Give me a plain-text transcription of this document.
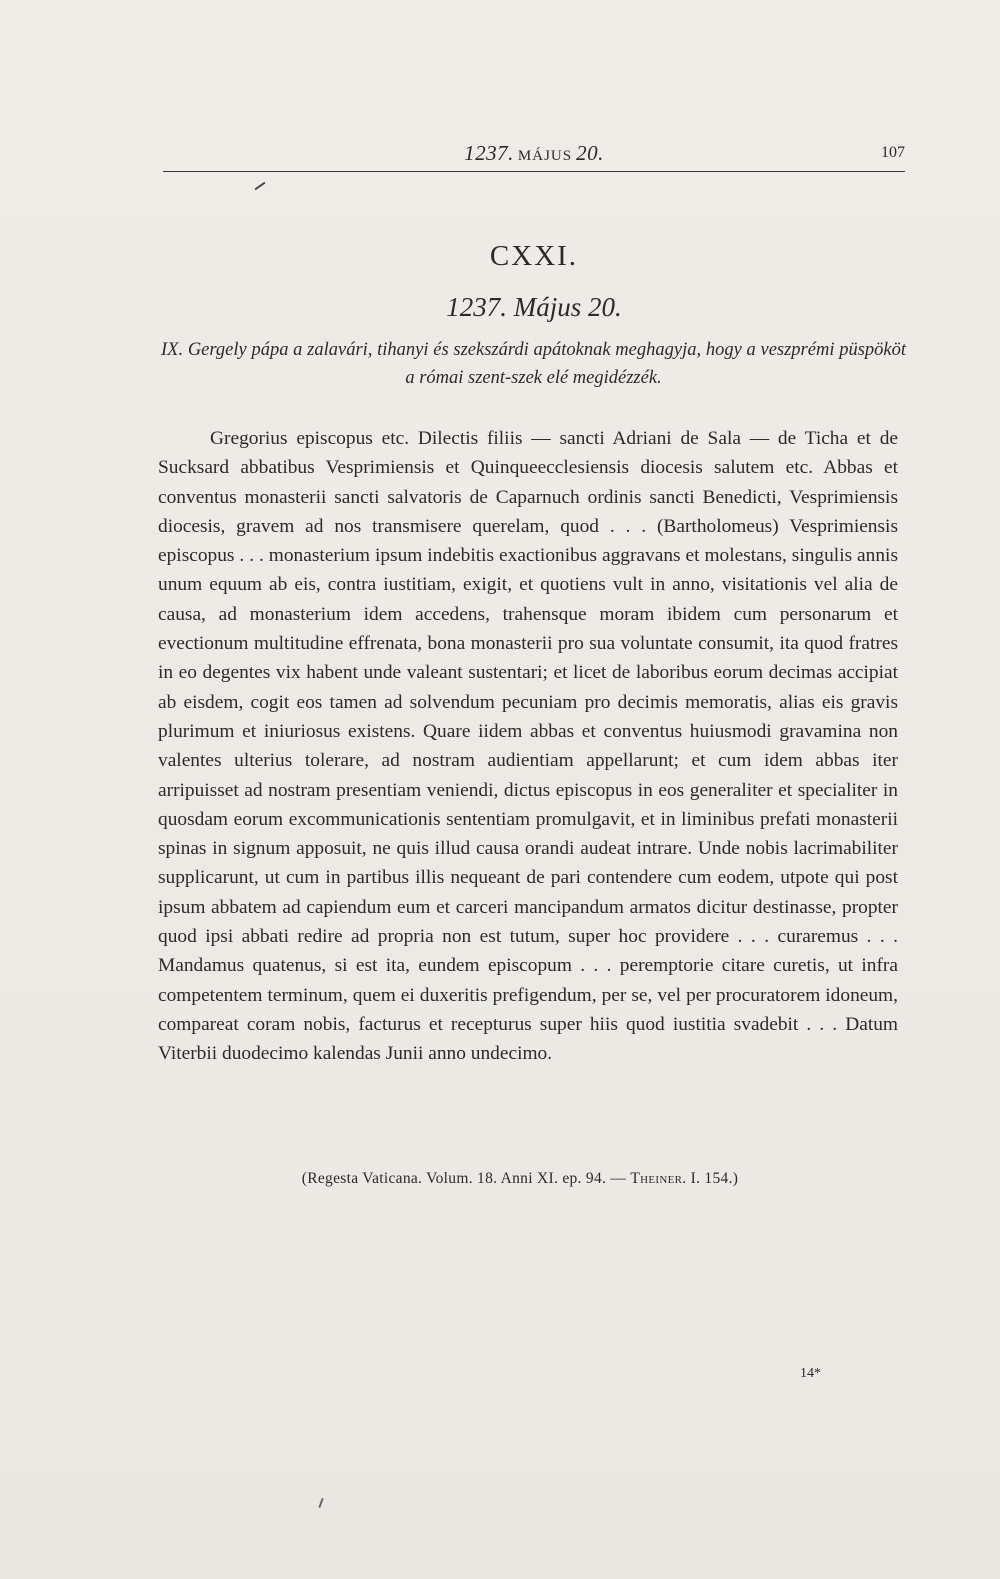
1237. MÁJUS 20.	107
CXXI.
1237. Május 20.
IX. Gergely pápa a zalavári, tihanyi és szekszárdi apátoknak meghagyja, hogy a veszprémi püspököt a római szent-szek elé megidézzék.
Gregorius episcopus etc. Dilectis filiis — sancti Adriani de Sala — de Ticha et de Sucksard abbatibus Vesprimiensis et Quinqueecclesiensis diocesis salutem etc. Abbas et conventus monasterii sancti salvatoris de Caparnuch ordinis sancti Benedicti, Vesprimiensis diocesis, gravem ad nos transmisere querelam, quod . . . (Bartholomeus) Vesprimiensis episcopus . . . monasterium ipsum indebitis exactionibus aggravans et molestans, singulis annis unum equum ab eis, contra iustitiam, exigit, et quotiens vult in anno, visitationis vel alia de causa, ad monasterium idem accedens, trahensque moram ibidem cum personarum et evectionum multitudine effrenata, bona monasterii pro sua voluntate consumit, ita quod fratres in eo degentes vix habent unde valeant sustentari; et licet de laboribus eorum decimas accipiat ab eisdem, cogit eos tamen ad solvendum pecuniam pro decimis memoratis, alias eis gravis plurimum et iniuriosus existens. Quare iidem abbas et conventus huiusmodi gravamina non valentes ulterius tolerare, ad nostram audientiam appellarunt; et cum idem abbas iter arripuisset ad nostram presentiam veniendi, dictus episcopus in eos generaliter et specialiter in quosdam eorum excommunicationis sententiam promulgavit, et in liminibus prefati monasterii spinas in signum apposuit, ne quis illud causa orandi audeat intrare. Unde nobis lacrimabiliter supplicarunt, ut cum in partibus illis nequeant de pari contendere cum eodem, utpote qui post ipsum abbatem ad capiendum eum et carceri mancipandum armatos dicitur destinasse, propter quod ipsi abbati redire ad propria non est tutum, super hoc providere . . . curaremus . . . Mandamus quatenus, si est ita, eundem episcopum . . . peremptorie citare curetis, ut infra competentem terminum, quem ei duxeritis prefigendum, per se, vel per procuratorem idoneum, compareat coram nobis, facturus et recepturus super hiis quod iustitia svadebit . . . Datum Viterbii duodecimo kalendas Junii anno undecimo.
(Regesta Vaticana. Volum. 18. Anni XI. ep. 94. — Theiner. I. 154.)
14*
